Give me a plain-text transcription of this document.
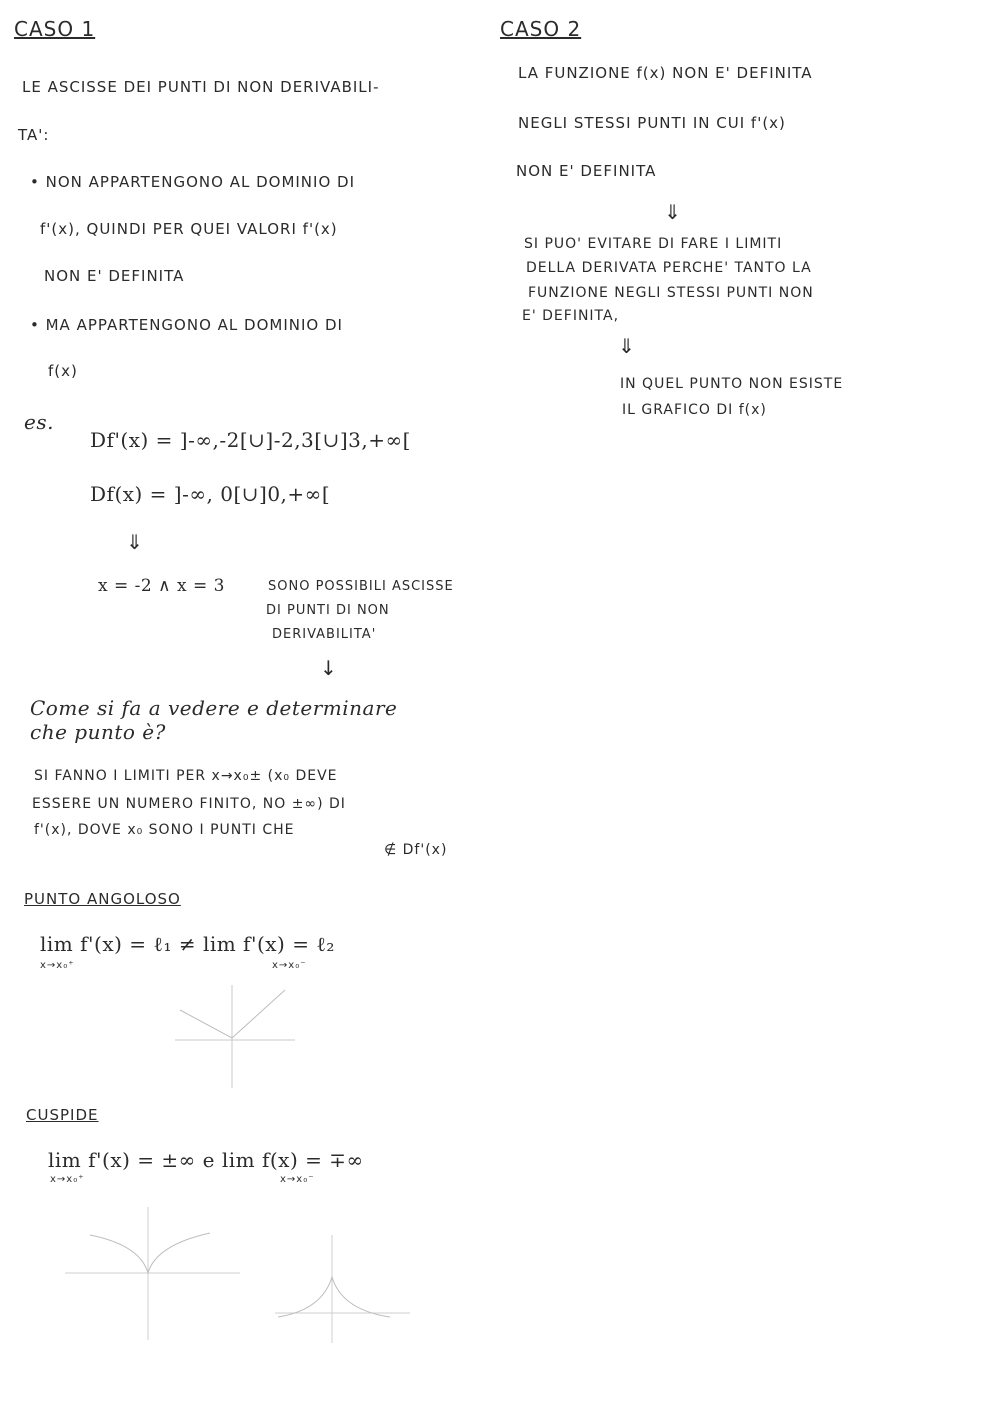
CASO 1
LE ASCISSE DEI PUNTI DI NON DERIVABILI-
TA':
• NON APPARTENGONO AL DOMINIO DI
f'(x), QUINDI PER QUEI VALORI f'(x)
NON E' DEFINITA
• MA APPARTENGONO AL DOMINIO DI
f(x)
es.
Df'(x) = ]-∞,-2[∪]-2,3[∪]3,+∞[
Df(x) = ]-∞, 0[∪]0,+∞[
⇓
x = -2 ∧ x = 3	SONO POSSIBILI ASCISSE
DI PUNTI DI NON
DERIVABILITA'
↓
Come si fa a vedere e determinare
che punto è?
SI FANNO I LIMITI PER x→x₀± (x₀ DEVE
ESSERE UN NUMERO FINITO, NO ±∞) DI
f'(x), DOVE x₀ SONO I PUNTI CHE
∉ Df'(x)
PUNTO ANGOLOSO
lim f'(x) = ℓ₁ ≠ lim f'(x) = ℓ₂
x→x₀⁺	x→x₀⁻
CUSPIDE
lim f'(x) = ±∞ e lim f(x) = ∓∞
x→x₀⁺	x→x₀⁻
CASO 2
LA FUNZIONE f(x) NON E' DEFINITA
NEGLI STESSI PUNTI IN CUI f'(x)
NON E' DEFINITA
⇓
SI PUO' EVITARE DI FARE I LIMITI
DELLA DERIVATA PERCHE' TANTO LA
FUNZIONE NEGLI STESSI PUNTI NON
E' DEFINITA,
⇓
IN QUEL PUNTO NON ESISTE
IL GRAFICO DI f(x)
